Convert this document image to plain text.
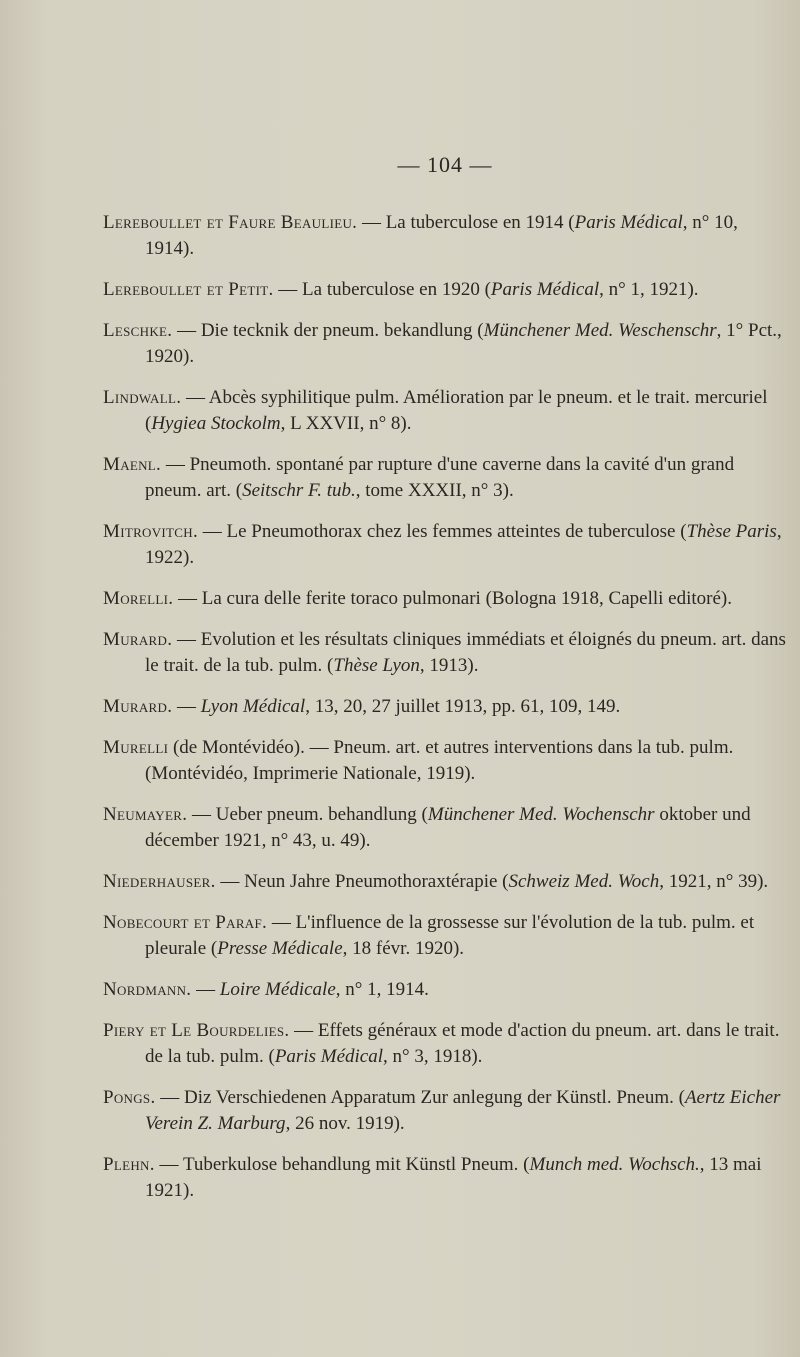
— 104 —
Lereboullet et Faure Beaulieu. — La tuberculose en 1914 (Paris Médical, n° 10, 1914).
Lereboullet et Petit. — La tuberculose en 1920 (Paris Médical, n° 1, 1921).
Leschke. — Die tecknik der pneum. bekandlung (Münchener Med. Weschenschr, 1° Pct., 1920).
Lindwall. — Abcès syphilitique pulm. Amélioration par le pneum. et le trait. mercuriel (Hygiea Stockolm, L XXVII, n° 8).
Maenl. — Pneumoth. spontané par rupture d'une caverne dans la cavité d'un grand pneum. art. (Seitschr F. tub., tome XXXII, n° 3).
Mitrovitch. — Le Pneumothorax chez les femmes atteintes de tuberculose (Thèse Paris, 1922).
Morelli. — La cura delle ferite toraco pulmonari (Bologna 1918, Capelli editoré).
Murard. — Evolution et les résultats cliniques immédiats et éloignés du pneum. art. dans le trait. de la tub. pulm. (Thèse Lyon, 1913).
Murard. — Lyon Médical, 13, 20, 27 juillet 1913, pp. 61, 109, 149.
Murelli (de Montévidéo). — Pneum. art. et autres interventions dans la tub. pulm. (Montévidéo, Imprimerie Nationale, 1919).
Neumayer. — Ueber pneum. behandlung (Münchener Med. Wochenschr oktober und décember 1921, n° 43, u. 49).
Niederhauser. — Neun Jahre Pneumothoraxtérapie (Schweiz Med. Woch, 1921, n° 39).
Nobecourt et Paraf. — L'influence de la grossesse sur l'évolution de la tub. pulm. et pleurale (Presse Médicale, 18 févr. 1920).
Nordmann. — Loire Médicale, n° 1, 1914.
Piery et Le Bourdelies. — Effets généraux et mode d'action du pneum. art. dans le trait. de la tub. pulm. (Paris Médical, n° 3, 1918).
Pongs. — Diz Verschiedenen Apparatum Zur anlegung der Künstl. Pneum. (Aertz Eicher Verein Z. Marburg, 26 nov. 1919).
Plehn. — Tuberkulose behandlung mit Künstl Pneum. (Munch med. Wochsch., 13 mai 1921).
